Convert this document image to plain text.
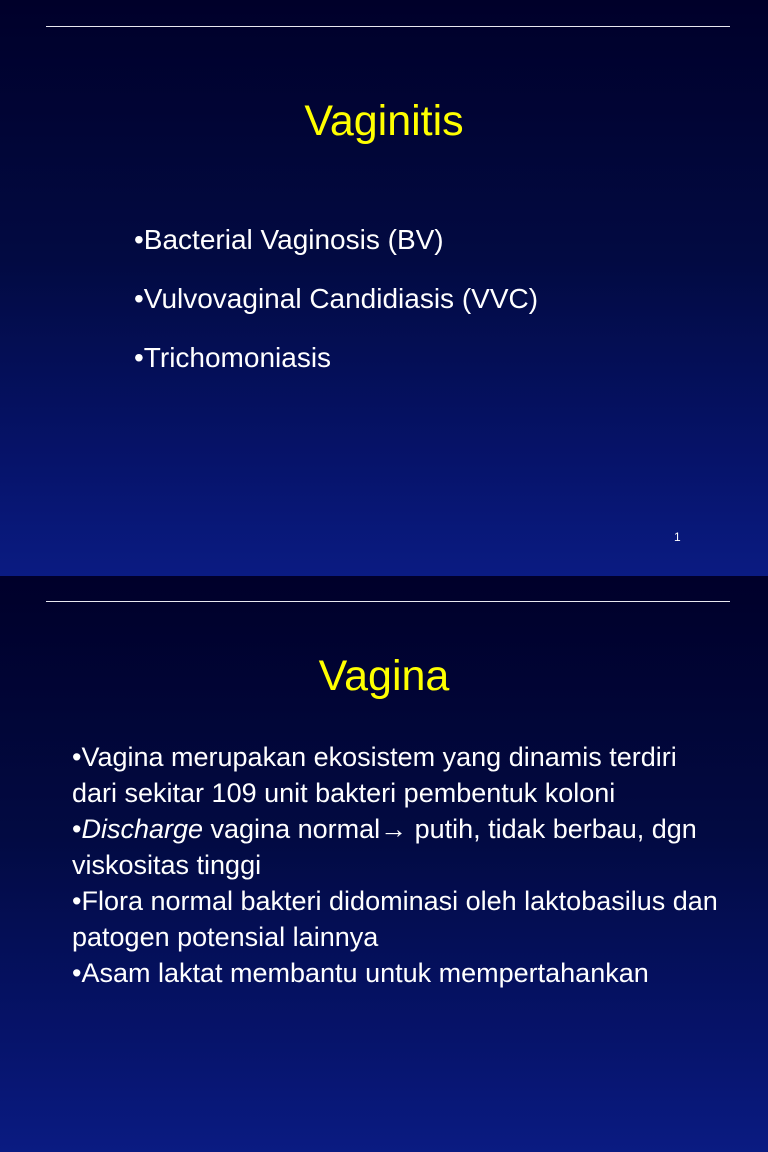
Vaginitis
•Bacterial Vaginosis (BV)
•Vulvovaginal Candidiasis (VVC)
•Trichomoniasis
1
Vagina
•Vagina merupakan ekosistem yang dinamis terdiri dari sekitar 109 unit bakteri pembentuk koloni
•Discharge vagina normal→ putih, tidak berbau, dgn viskositas tinggi
•Flora normal bakteri didominasi oleh laktobasilus dan patogen potensial lainnya
•Asam laktat membantu untuk mempertahankan
